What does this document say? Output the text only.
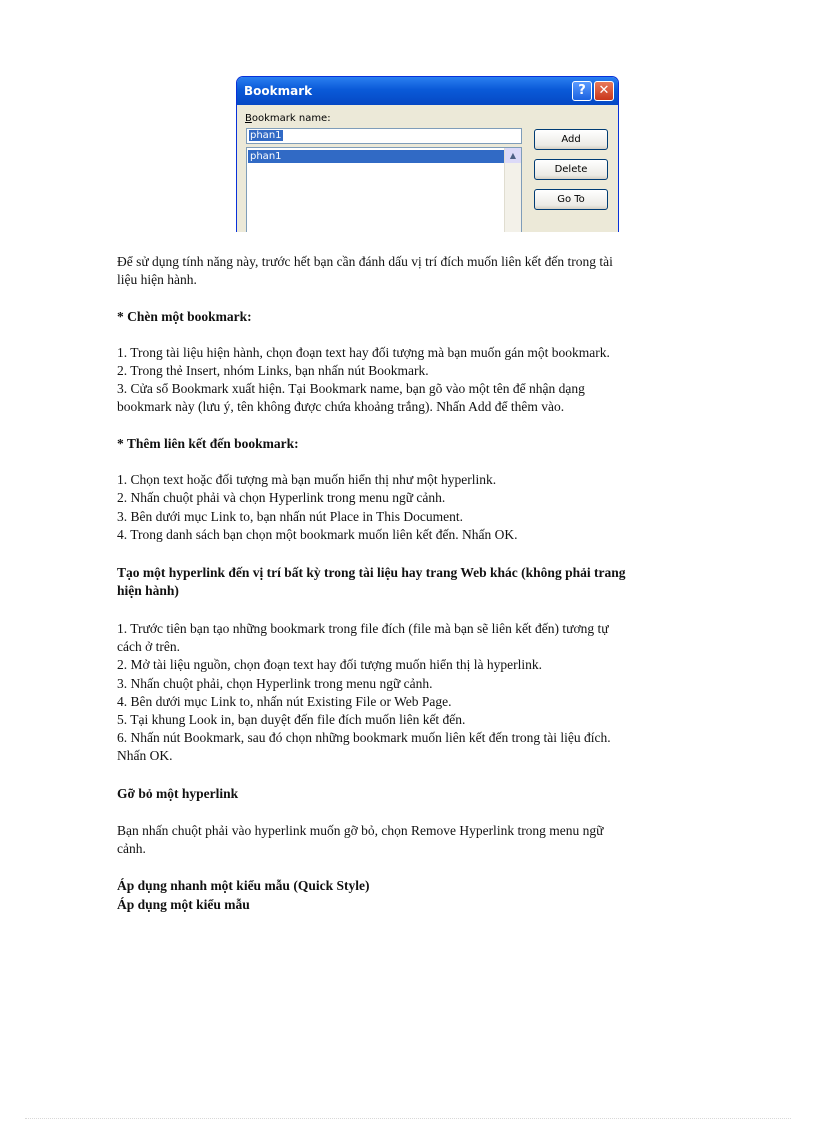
Bookmark	? ✕
Bookmark name:
phan1
phan1	▲
Add
Delete
Go To

Để sử dụng tính năng này, trước hết bạn cần đánh dấu vị trí đích muốn liên kết đến trong tài

liệu hiện hành.

* Chèn một bookmark:

1. Trong tài liệu hiện hành, chọn đoạn text hay đối tượng mà bạn muốn gán một bookmark.

2. Trong thẻ Insert, nhóm Links, bạn nhấn nút Bookmark.

3. Cửa sổ Bookmark xuất hiện. Tại Bookmark name, bạn gõ vào một tên để nhận dạng

bookmark này (lưu ý, tên không được chứa khoảng trắng). Nhấn Add để thêm vào.

* Thêm liên kết đến bookmark:

1. Chọn text hoặc đối tượng mà bạn muốn hiển thị như một hyperlink.

2. Nhấn chuột phải và chọn Hyperlink trong menu ngữ cảnh.

3. Bên dưới mục Link to, bạn nhấn nút Place in This Document.

4. Trong danh sách bạn chọn một bookmark muốn liên kết đến. Nhấn OK.

Tạo một hyperlink đến vị trí bất kỳ trong tài liệu hay trang Web khác (không phải trang

hiện hành)

1. Trước tiên bạn tạo những bookmark trong file đích (file mà bạn sẽ liên kết đến) tương tự

cách ở trên.

2. Mở tài liệu nguồn, chọn đoạn text hay đối tượng muốn hiển thị là hyperlink.

3. Nhấn chuột phải, chọn Hyperlink trong menu ngữ cảnh.

4. Bên dưới mục Link to, nhấn nút Existing File or Web Page.

5. Tại khung Look in, bạn duyệt đến file đích muốn liên kết đến.

6. Nhấn nút Bookmark, sau đó chọn những bookmark muốn liên kết đến trong tài liệu đích.

Nhấn OK.

Gỡ bỏ một hyperlink

Bạn nhấn chuột phải vào hyperlink muốn gỡ bỏ, chọn Remove Hyperlink trong menu ngữ

cảnh.

Áp dụng nhanh một kiểu mẫu (Quick Style)

Áp dụng một kiểu mẫu
